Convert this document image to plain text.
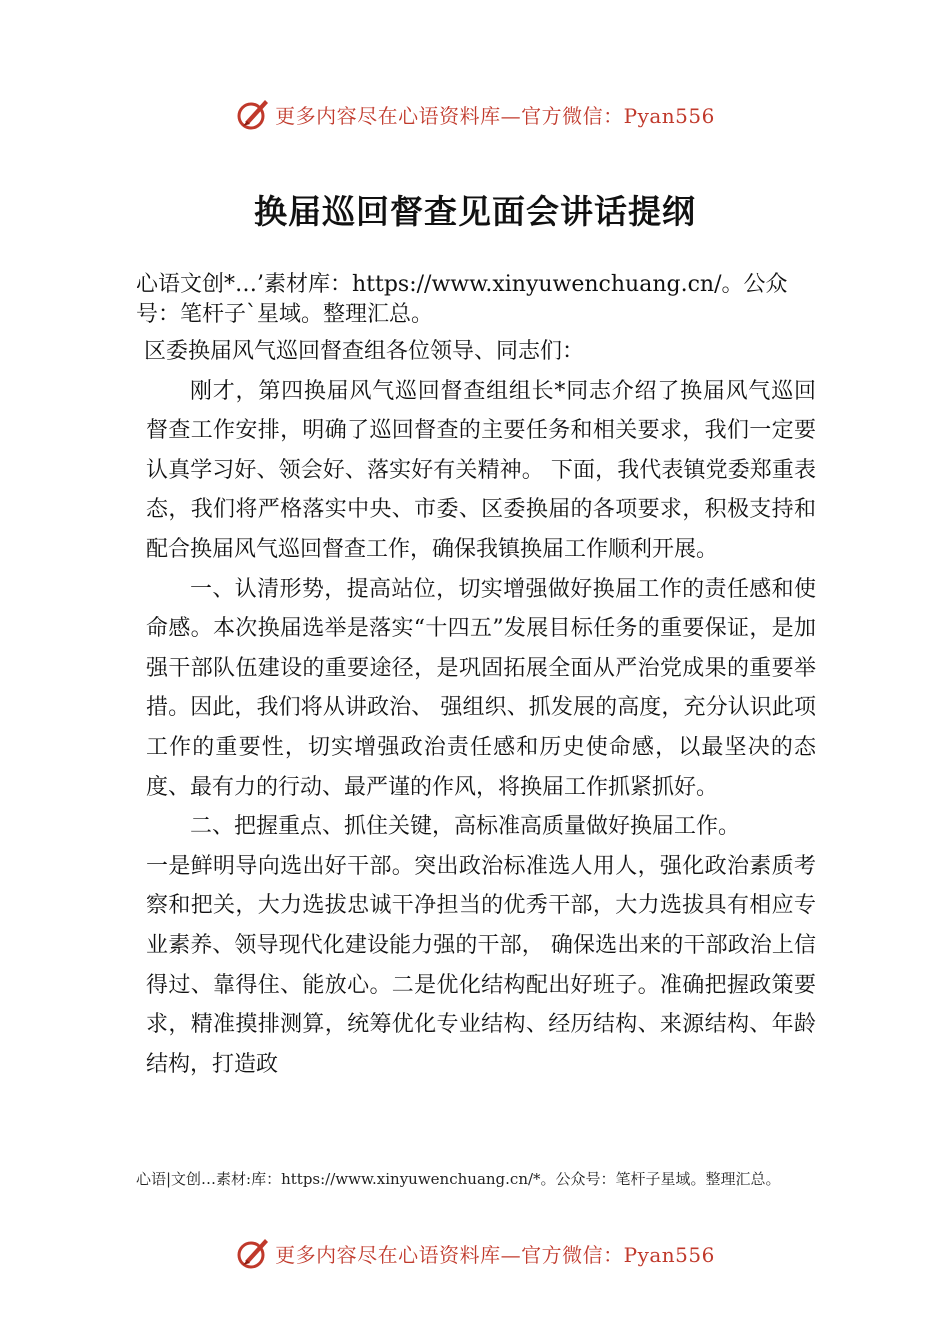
更多内容尽在心语资料库—官方微信：Pyan556
换届巡回督查见面会讲话提纲
心语文创*…’素材库：https://www.xinyuwenchuang.cn/。公众号：笔杆子`星域。整理汇总。

区委换届风气巡回督查组各位领导、同志们：

刚才，第四换届风气巡回督查组组长*同志介绍了换届风气巡回督查工作安排，明确了巡回督查的主要任务和相关要求，我们一定要认真学习好、领会好、落实好有关精神。 下面，我代表镇党委郑重表态，我们将严格落实中央、市委、区委换届的各项要求，积极支持和配合换届风气巡回督查工作，确保我镇换届工作顺利开展。

一、认清形势，提高站位，切实增强做好换届工作的责任感和使命感。本次换届选举是落实“十四五”发展目标任务的重要保证，是加强干部队伍建设的重要途径，是巩固拓展全面从严治党成果的重要举措。因此，我们将从讲政治、 强组织、抓发展的高度，充分认识此项工作的重要性，切实增强政治责任感和历史使命感，以最坚决的态度、最有力的行动、最严谨的作风，将换届工作抓紧抓好。

二、把握重点、抓住关键，高标准高质量做好换届工作。

一是鲜明导向选出好干部。突出政治标准选人用人，强化政治素质考察和把关，大力选拔忠诚干净担当的优秀干部，大力选拔具有相应专业素养、领导现代化建设能力强的干部， 确保选出来的干部政治上信得过、靠得住、能放心。二是优化结构配出好班子。准确把握政策要求，精准摸排测算，统筹优化专业结构、经历结构、来源结构、年龄结构，打造政

心语|文创…素材:库：https://www.xinyuwenchuang.cn/*。公众号：笔杆子星域。整理汇总。
更多内容尽在心语资料库—官方微信：Pyan556
